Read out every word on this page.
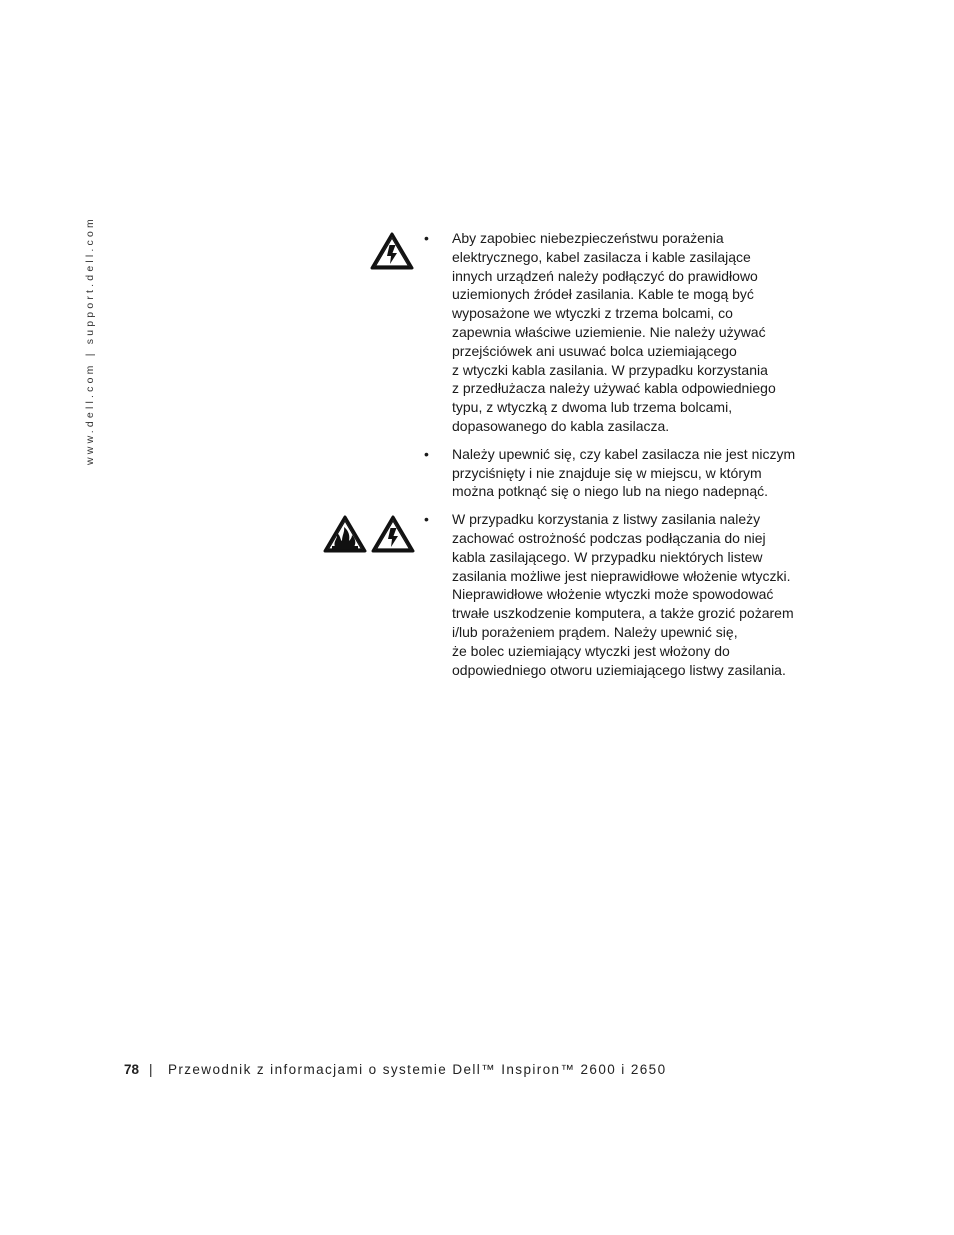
www.dell.com | support.dell.com	• Aby zapobiec niebezpieczeństwu porażenia
elektrycznego, kabel zasilacza i kable zasilające
innych urządzeń należy podłączyć do prawidłowo
uziemionych źródeł zasilania. Kable te mogą być
wyposażone we wtyczki z trzema bolcami, co
zapewnia właściwe uziemienie. Nie należy używać
przejściówek ani usuwać bolca uziemiającego
z wtyczki kabla zasilania. W przypadku korzystania
z przedłużacza należy używać kabla odpowiedniego
typu, z wtyczką z dwoma lub trzema bolcami,
dopasowanego do kabla zasilacza.
• Należy upewnić się, czy kabel zasilacza nie jest niczym
przyciśnięty i nie znajduje się w miejscu, w którym
można potknąć się o niego lub na niego nadepnąć.
• W przypadku korzystania z listwy zasilania należy
zachować ostrożność podczas podłączania do niej
kabla zasilającego. W przypadku niektórych listew
zasilania możliwe jest nieprawidłowe włożenie wtyczki.
Nieprawidłowe włożenie wtyczki może spowodować
trwałe uszkodzenie komputera, a także grozić pożarem
i/lub porażeniem prądem. Należy upewnić się,
że bolec uziemiający wtyczki jest włożony do
odpowiedniego otworu uziemiającego listwy zasilania.
78 | Przewodnik z informacjami o systemie Dell™ Inspiron™ 2600 i 2650
